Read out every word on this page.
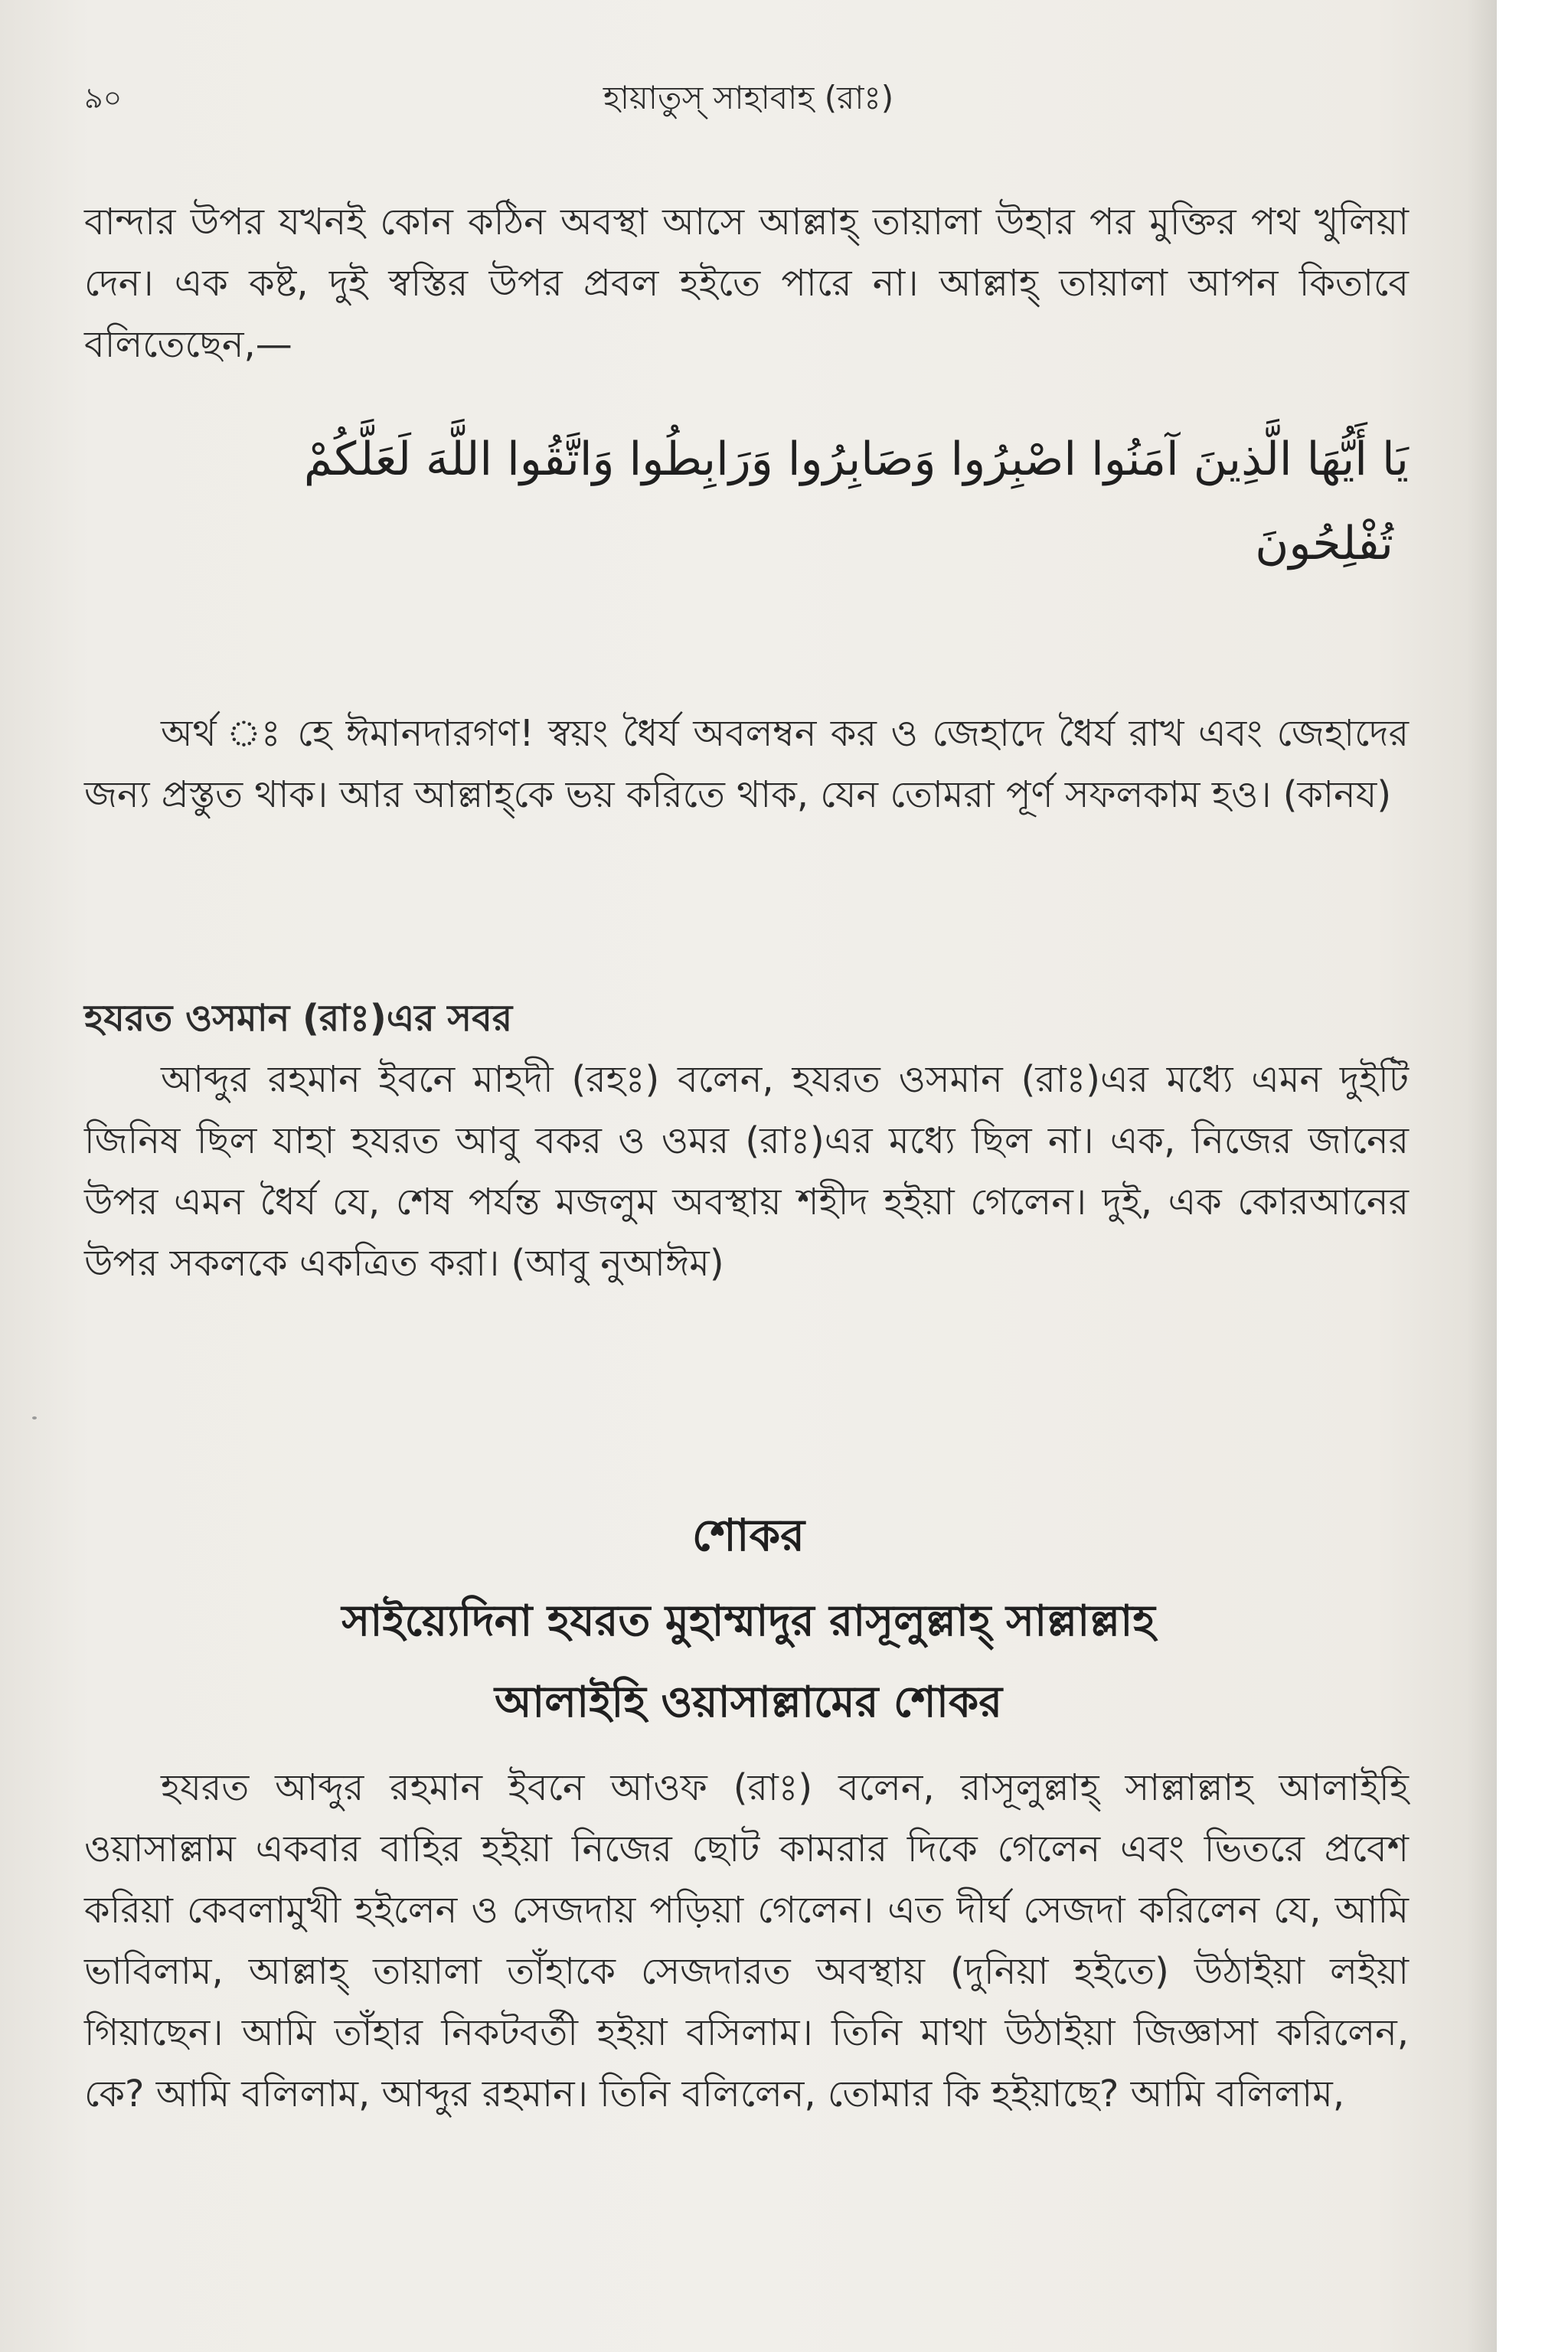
৯০	হায়াতুস্ সাহাবাহ (রাঃ)

বান্দার উপর যখনই কোন কঠিন অবস্থা আসে আল্লাহ্ তায়ালা উহার পর মুক্তির পথ খুলিয়া দেন। এক কষ্ট, দুই স্বস্তির উপর প্রবল হইতে পারে না। আল্লাহ্ তায়ালা আপন কিতাবে বলিতেছেন,—

يَا أَيُّهَا الَّذِينَ آمَنُوا اصْبِرُوا وَصَابِرُوا وَرَابِطُوا وَاتَّقُوا اللَّهَ لَعَلَّكُمْ

تُفْلِحُونَ

অর্থ ঃ হে ঈমানদারগণ! স্বয়ং ধৈর্য অবলম্বন কর ও জেহাদে ধৈর্য রাখ এবং জেহাদের জন্য প্রস্তুত থাক। আর আল্লাহ্‌কে ভয় করিতে থাক, যেন তোমরা পূর্ণ সফলকাম হও। (কানয)

হযরত ওসমান (রাঃ)এর সবর

আব্দুর রহমান ইবনে মাহদী (রহঃ) বলেন, হযরত ওসমান (রাঃ)এর মধ্যে এমন দুইটি জিনিষ ছিল যাহা হযরত আবু বকর ও ওমর (রাঃ)এর মধ্যে ছিল না। এক, নিজের জানের উপর এমন ধৈর্য যে, শেষ পর্যন্ত মজলুম অবস্থায় শহীদ হইয়া গেলেন। দুই, এক কোরআনের উপর সকলকে একত্রিত করা। (আবু নুআঈম)

শোকর
সাইয়্যেদিনা হযরত মুহাম্মাদুর রাসূলুল্লাহ্ সাল্লাল্লাহ
আলাইহি ওয়াসাল্লামের শোকর

হযরত আব্দুর রহমান ইবনে আওফ (রাঃ) বলেন, রাসূলুল্লাহ্ সাল্লাল্লাহ আলাইহি ওয়াসাল্লাম একবার বাহির হইয়া নিজের ছোট কামরার দিকে গেলেন এবং ভিতরে প্রবেশ করিয়া কেবলামুখী হইলেন ও সেজদায় পড়িয়া গেলেন। এত দীর্ঘ সেজদা করিলেন যে, আমি ভাবিলাম, আল্লাহ্ তায়ালা তাঁহাকে সেজদারত অবস্থায় (দুনিয়া হইতে) উঠাইয়া লইয়া গিয়াছেন। আমি তাঁহার নিকটবর্তী হইয়া বসিলাম। তিনি মাথা উঠাইয়া জিজ্ঞাসা করিলেন, কে? আমি বলিলাম, আব্দুর রহমান। তিনি বলিলেন, তোমার কি হইয়াছে? আমি বলিলাম,
